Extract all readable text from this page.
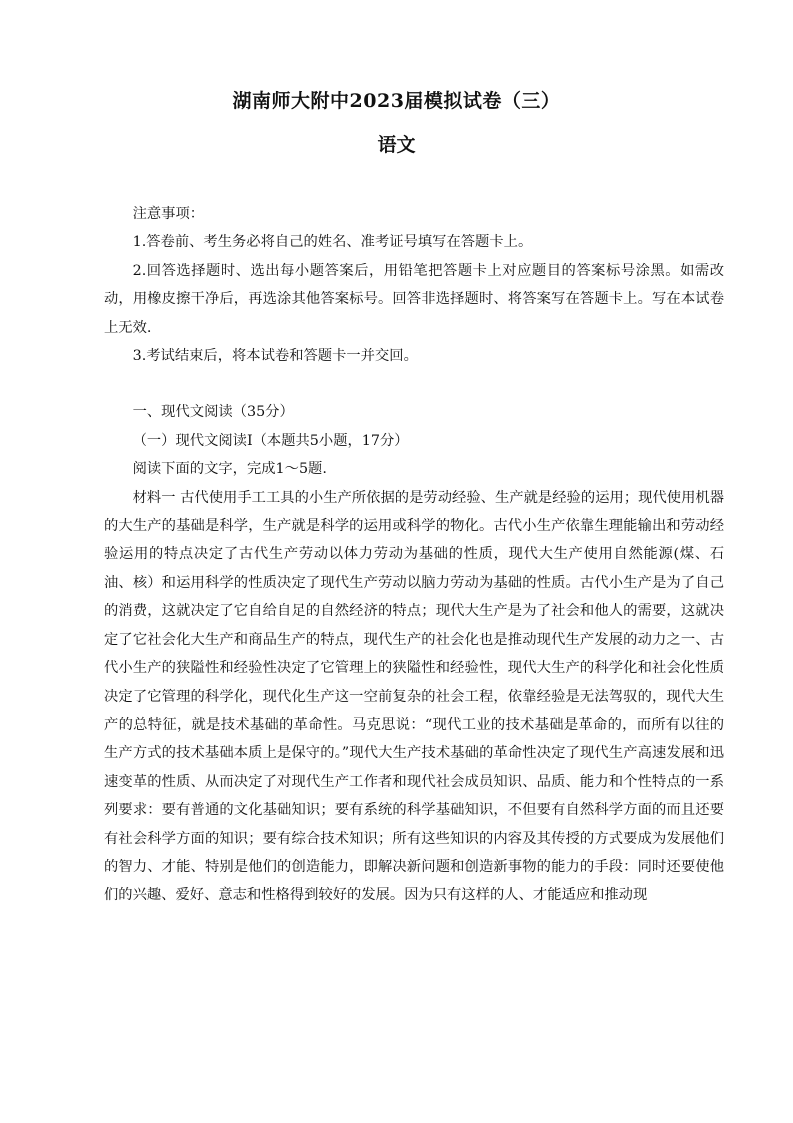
湖南师大附中2023届模拟试卷（三）
语文

注意事项：

1.答卷前、考生务必将自己的姓名、准考证号填写在答题卡上。

2.回答选择题时、选出每小题答案后，用铅笔把答题卡上对应题目的答案标号涂黑。如需改动，用橡皮擦干净后，再选涂其他答案标号。回答非选择题时、将答案写在答题卡上。写在本试卷上无效.

3.考试结束后，将本试卷和答题卡一并交回。

一、现代文阅读（35分）

（一）现代文阅读Ⅰ（本题共5小题，17分）

阅读下面的文字，完成1～5题.

材料一 古代使用手工工具的小生产所依据的是劳动经验、生产就是经验的运用；现代使用机器的大生产的基础是科学，生产就是科学的运用或科学的物化。古代小生产依靠生理能输出和劳动经验运用的特点决定了古代生产劳动以体力劳动为基础的性质，现代大生产使用自然能源(煤、石油、核）和运用科学的性质决定了现代生产劳动以脑力劳动为基础的性质。古代小生产是为了自己的消费，这就决定了它自给自足的自然经济的特点；现代大生产是为了社会和他人的需要，这就决定了它社会化大生产和商品生产的特点，现代生产的社会化也是推动现代生产发展的动力之一、古代小生产的狭隘性和经验性决定了它管理上的狭隘性和经验性，现代大生产的科学化和社会化性质决定了它管理的科学化，现代化生产这一空前复杂的社会工程，依靠经验是无法驾驭的，现代大生产的总特征，就是技术基础的革命性。马克思说：“现代工业的技术基础是革命的，而所有以往的生产方式的技术基础本质上是保守的。”现代大生产技术基础的革命性决定了现代生产高速发展和迅速变革的性质、从而决定了对现代生产工作者和现代社会成员知识、品质、能力和个性特点的一系列要求：要有普通的文化基础知识；要有系统的科学基础知识，不但要有自然科学方面的而且还要有社会科学方面的知识；要有综合技术知识；所有这些知识的内容及其传授的方式要成为发展他们的智力、才能、特别是他们的创造能力，即解决新问题和创造新事物的能力的手段：同时还要使他们的兴趣、爱好、意志和性格得到较好的发展。因为只有这样的人、才能适应和推动现
